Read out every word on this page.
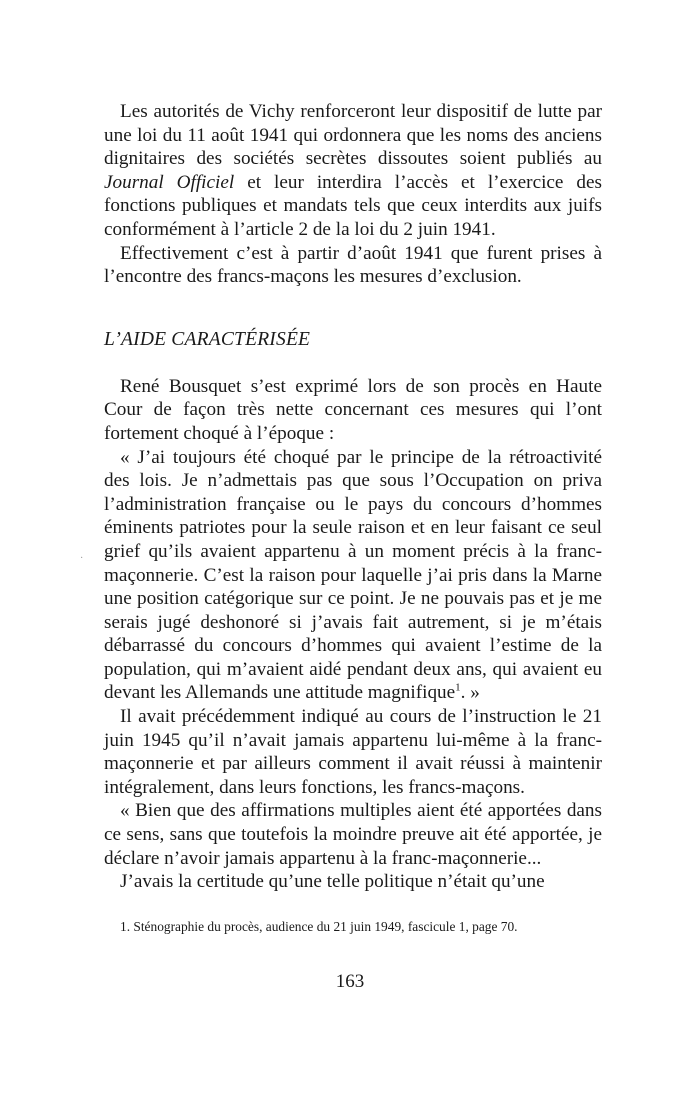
Les autorités de Vichy renforceront leur dispositif de lutte par une loi du 11 août 1941 qui ordonnera que les noms des anciens dignitaires des sociétés secrètes dissoutes soient publiés au Journal Officiel et leur interdira l’accès et l’exercice des fonctions publiques et mandats tels que ceux interdits aux juifs conformément à l’article 2 de la loi du 2 juin 1941.

Effectivement c’est à partir d’août 1941 que furent prises à l’encontre des francs-maçons les mesures d’exclusion.

L’AIDE CARACTÉRISÉE

René Bousquet s’est exprimé lors de son procès en Haute Cour de façon très nette concernant ces mesures qui l’ont fortement choqué à l’époque :

« J’ai toujours été choqué par le principe de la rétroactivité des lois. Je n’admettais pas que sous l’Occupation on priva l’administration française ou le pays du concours d’hommes éminents patriotes pour la seule raison et en leur faisant ce seul grief qu’ils avaient appartenu à un moment précis à la franc-maçonnerie. C’est la raison pour laquelle j’ai pris dans la Marne une position catégorique sur ce point. Je ne pouvais pas et je me serais jugé deshonoré si j’avais fait autrement, si je m’étais débarrassé du concours d’hommes qui avaient l’estime de la population, qui m’avaient aidé pendant deux ans, qui avaient eu devant les Allemands une attitude magnifique$^1$. »

Il avait précédemment indiqué au cours de l’instruction le 21 juin 1945 qu’il n’avait jamais appartenu lui-même à la franc-maçonnerie et par ailleurs comment il avait réussi à maintenir intégralement, dans leurs fonctions, les francs-maçons.

« Bien que des affirmations multiples aient été apportées dans ce sens, sans que toutefois la moindre preuve ait été apportée, je déclare n’avoir jamais appartenu à la franc-maçonnerie...

J’avais la certitude qu’une telle politique n’était qu’une

·

1. Sténographie du procès, audience du 21 juin 1949, fascicule 1, page 70.

163
